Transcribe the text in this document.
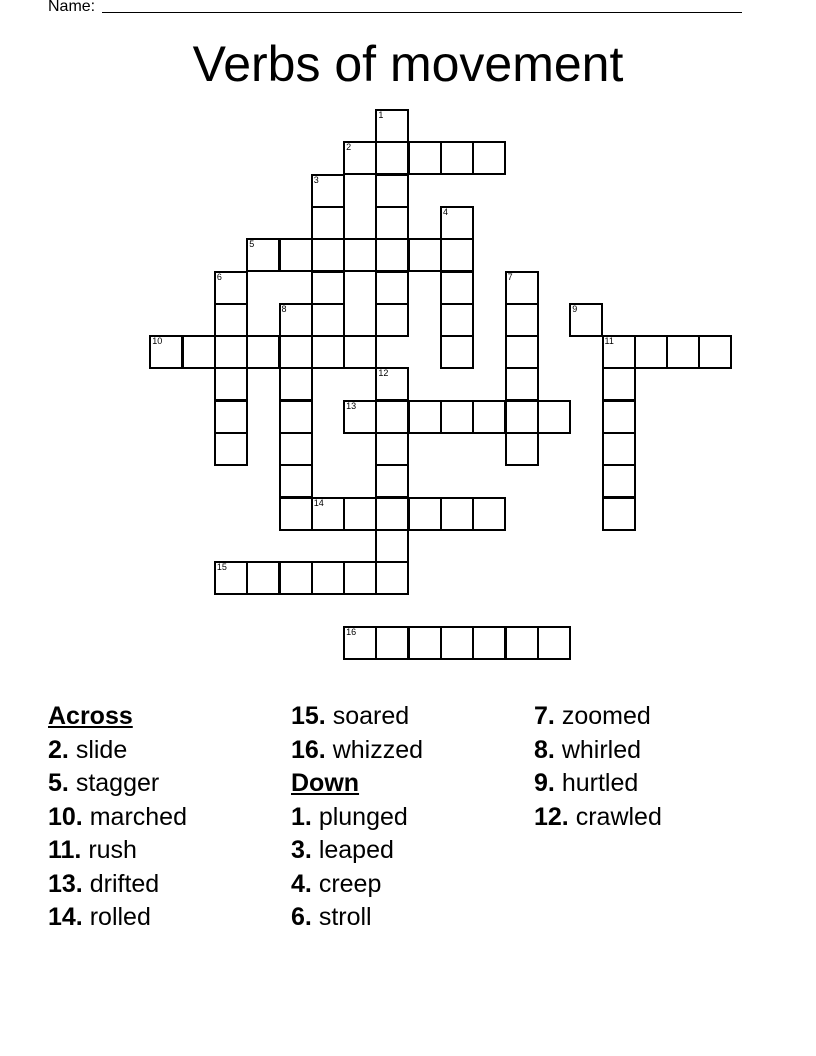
Name:
Verbs of movement
1
2
3
4
5
6	7
8	9
10	11
12
13
14
15
16
Across
2. slide
5. stagger
10. marched
11. rush
13. drifted
14. rolled
15. soared
16. whizzed
Down
1. plunged
3. leaped
4. creep
6. stroll
7. zoomed
8. whirled
9. hurtled
12. crawled
